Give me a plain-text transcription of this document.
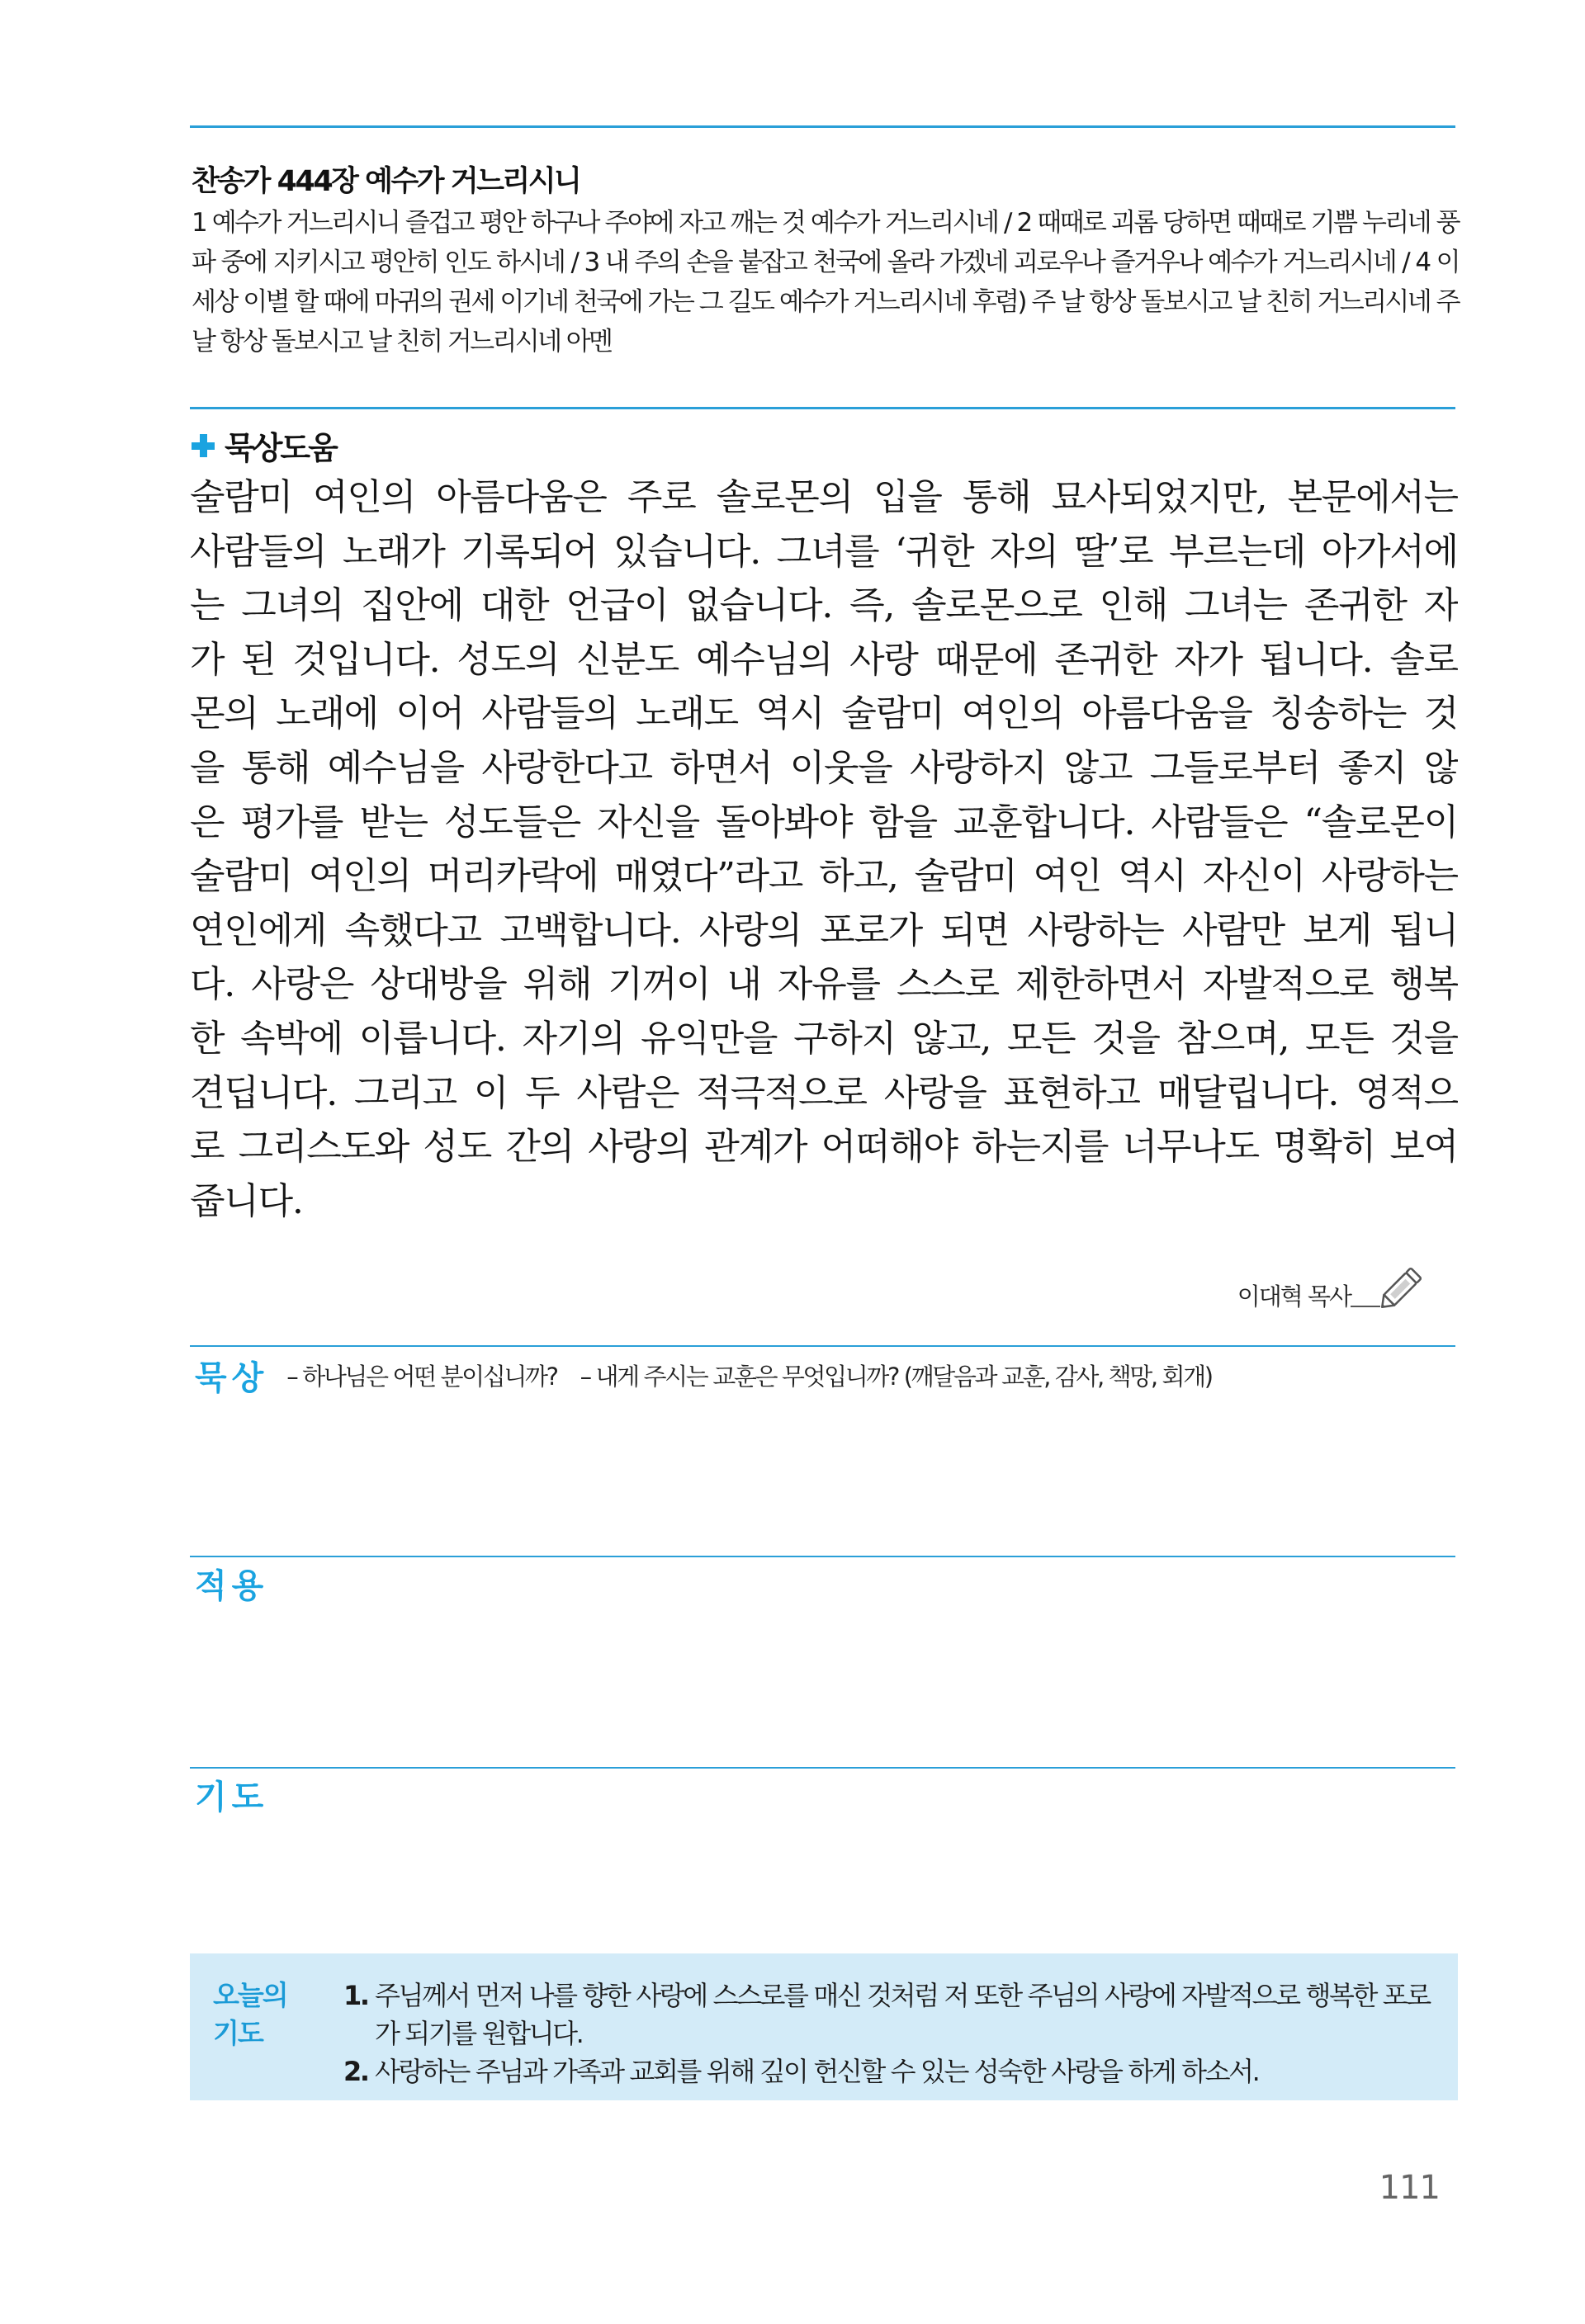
찬송가 444장 예수가 거느리시니
1 예수가 거느리시니 즐겁고 평안 하구나 주야에 자고 깨는 것 예수가 거느리시네 / 2 때때로 괴롬 당하면 때때로 기쁨 누리네 풍파 중에 지키시고 평안히 인도 하시네 / 3 내 주의 손을 붙잡고 천국에 올라 가겠네 괴로우나 즐거우나 예수가 거느리시네 / 4 이 세상 이별 할 때에 마귀의 권세 이기네 천국에 가는 그 길도 예수가 거느리시네 후렴) 주 날 항상 돌보시고 날 친히 거느리시네 주 날 항상 돌보시고 날 친히 거느리시네 아멘
묵상도움
술람미 여인의 아름다움은 주로 솔로몬의 입을 통해 묘사되었지만, 본문에서는
사람들의 노래가 기록되어 있습니다. 그녀를 ‘귀한 자의 딸’로 부르는데 아가서에
는 그녀의 집안에 대한 언급이 없습니다. 즉, 솔로몬으로 인해 그녀는 존귀한 자
가 된 것입니다. 성도의 신분도 예수님의 사랑 때문에 존귀한 자가 됩니다. 솔로
몬의 노래에 이어 사람들의 노래도 역시 술람미 여인의 아름다움을 칭송하는 것
을 통해 예수님을 사랑한다고 하면서 이웃을 사랑하지 않고 그들로부터 좋지 않
은 평가를 받는 성도들은 자신을 돌아봐야 함을 교훈합니다. 사람들은 “솔로몬이
술람미 여인의 머리카락에 매였다”라고 하고, 술람미 여인 역시 자신이 사랑하는
연인에게 속했다고 고백합니다. 사랑의 포로가 되면 사랑하는 사람만 보게 됩니
다. 사랑은 상대방을 위해 기꺼이 내 자유를 스스로 제한하면서 자발적으로 행복
한 속박에 이릅니다. 자기의 유익만을 구하지 않고, 모든 것을 참으며, 모든 것을
견딥니다. 그리고 이 두 사람은 적극적으로 사랑을 표현하고 매달립니다. 영적으
로 그리스도와 성도 간의 사랑의 관계가 어떠해야 하는지를 너무나도 명확히 보여
줍니다.
이대혁 목사
묵상 – 하나님은 어떤 분이십니까? – 내게 주시는 교훈은 무엇입니까? (깨달음과 교훈, 감사, 책망, 회개)
적용
기도
오늘의
기도
1. 주님께서 먼저 나를 향한 사랑에 스스로를 매신 것처럼 저 또한 주님의 사랑에 자발적으로 행복한 포로가 되기를 원합니다.
2. 사랑하는 주님과 가족과 교회를 위해 깊이 헌신할 수 있는 성숙한 사랑을 하게 하소서.
111
